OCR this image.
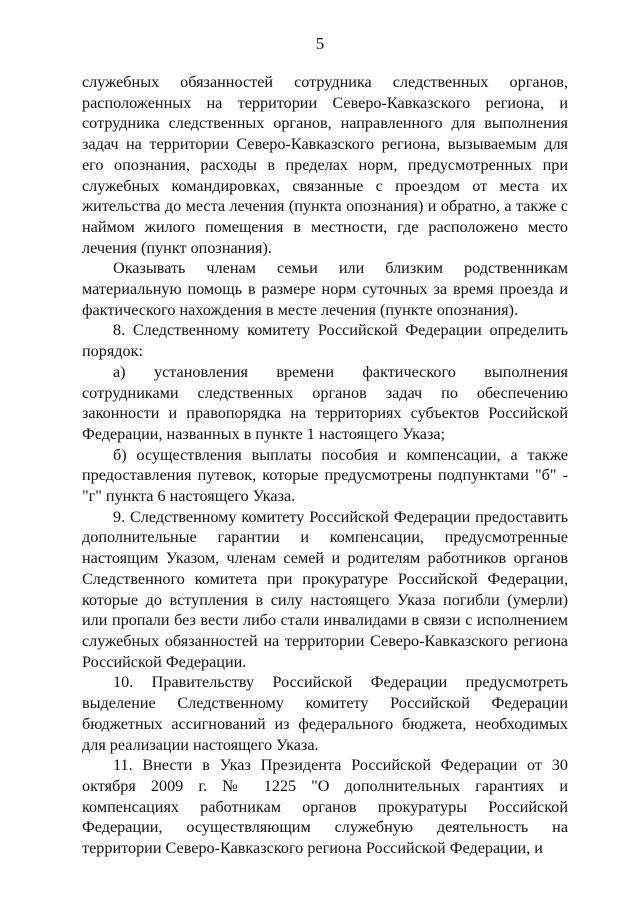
5

служебных обязанностей сотрудника следственных органов, расположенных на территории Северо-Кавказского региона, и сотрудника следственных органов, направленного для выполнения задач на территории Северо-Кавказского региона, вызываемым для его опознания, расходы в пределах норм, предусмотренных при служебных командировках, связанные с проездом от места их жительства до места лечения (пункта опознания) и обратно, а также с наймом жилого помещения в местности, где расположено место лечения (пункт опознания).

Оказывать членам семьи или близким родственникам материальную помощь в размере норм суточных за время проезда и фактического нахождения в месте лечения (пункте опознания).

8. Следственному комитету Российской Федерации определить порядок:

а) установления времени фактического выполнения сотрудниками следственных органов задач по обеспечению законности и правопорядка на территориях субъектов Российской Федерации, названных в пункте 1 настоящего Указа;

б) осуществления выплаты пособия и компенсации, а также предоставления путевок, которые предусмотрены подпунктами "б" - "г" пункта 6 настоящего Указа.

9. Следственному комитету Российской Федерации предоставить дополнительные гарантии и компенсации, предусмотренные настоящим Указом, членам семей и родителям работников органов Следственного комитета при прокуратуре Российской Федерации, которые до вступления в силу настоящего Указа погибли (умерли) или пропали без вести либо стали инвалидами в связи с исполнением служебных обязанностей на территории Северо-Кавказского региона Российской Федерации.

10. Правительству Российской Федерации предусмотреть выделение Следственному комитету Российской Федерации бюджетных ассигнований из федерального бюджета, необходимых для реализации настоящего Указа.

11. Внести в Указ Президента Российской Федерации от 30 октября 2009 г. № 1225 "О дополнительных гарантиях и компенсациях работникам органов прокуратуры Российской Федерации, осуществляющим служебную деятельность на территории Северо-Кавказского региона Российской Федерации, и
